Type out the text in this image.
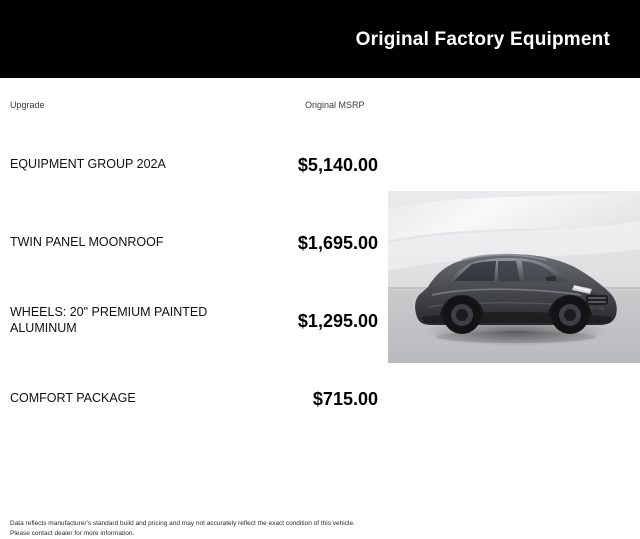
Original Factory Equipment
Upgrade	Original MSRP
EQUIPMENT GROUP 202A	$5,140.00
TWIN PANEL MOONROOF	$1,695.00
WHEELS: 20" PREMIUM PAINTED ALUMINUM	$1,295.00
COMFORT PACKAGE	$715.00
Data reflects manufacturer's standard build and pricing and may not accurately reflect the exact condition of this vehicle.
Please contact dealer for more information.
